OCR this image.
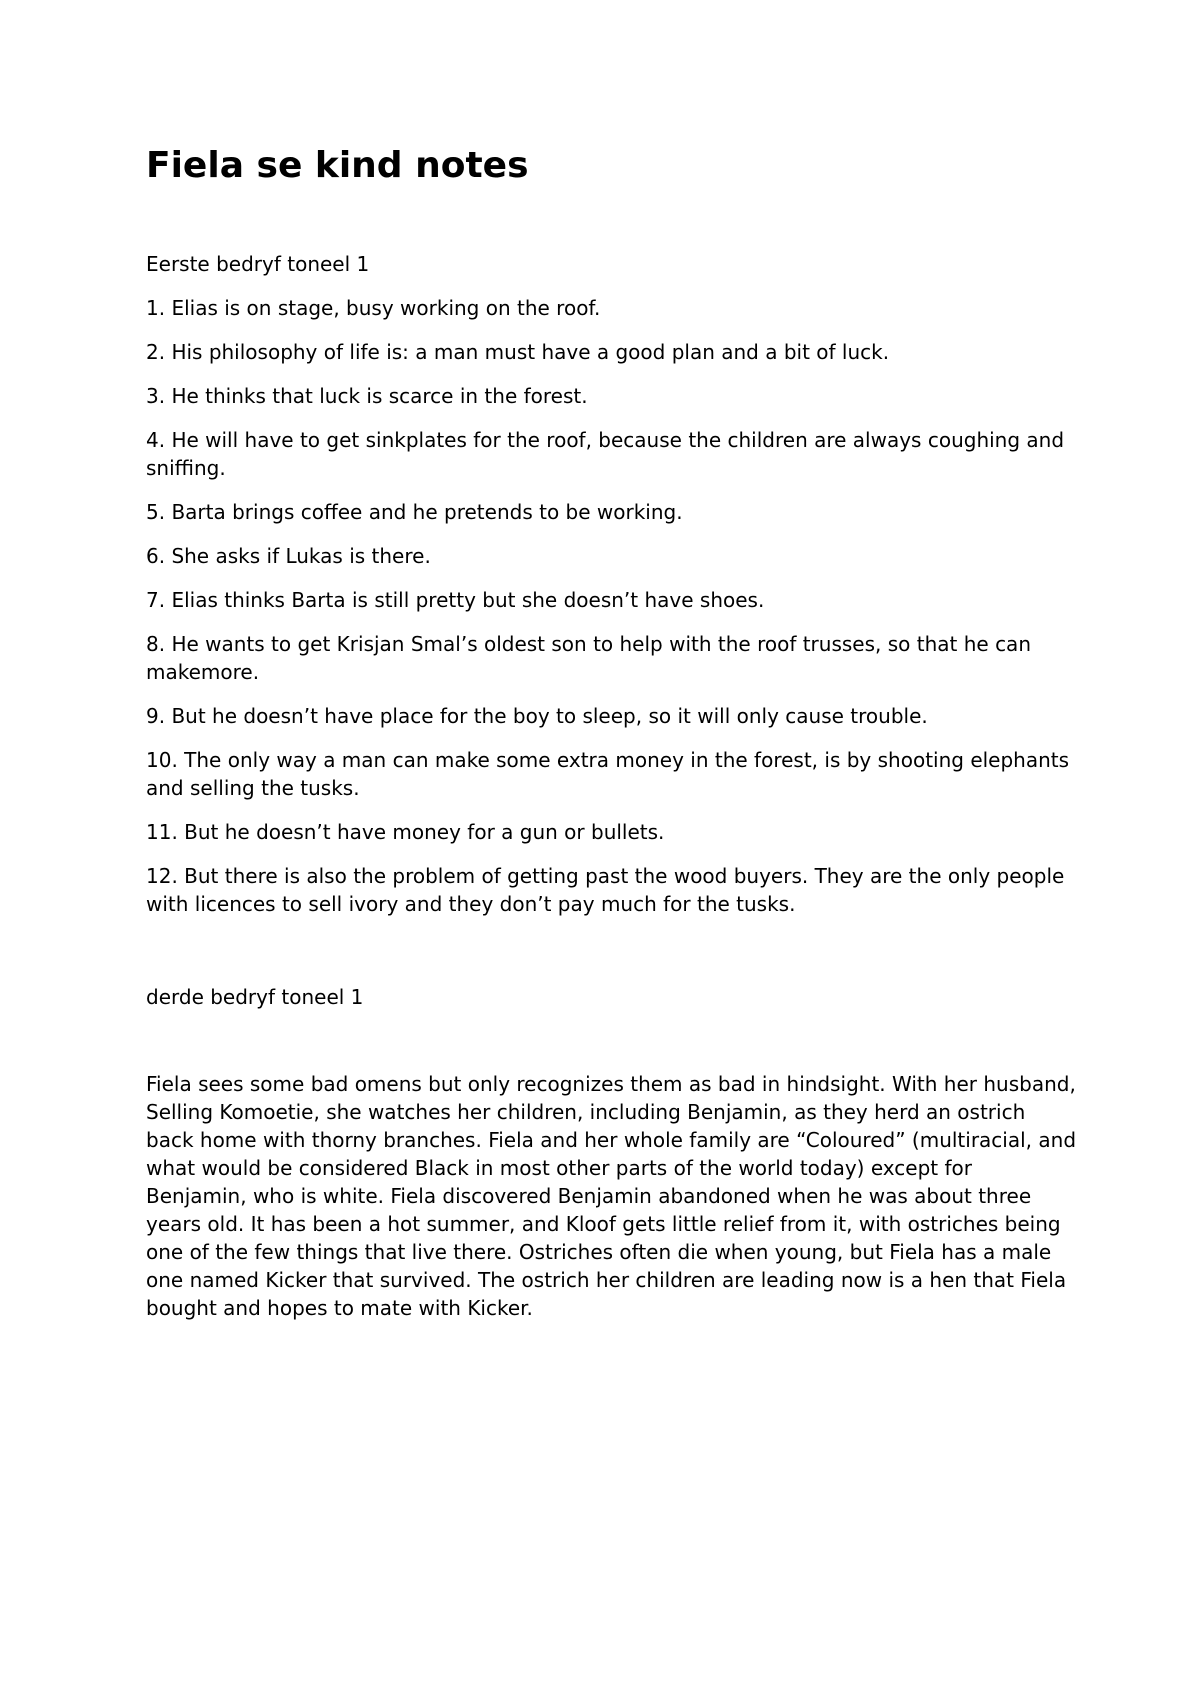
Fiela se kind notes

Eerste bedryf toneel 1

1. Elias is on stage, busy working on the roof.
2. His philosophy of life is: a man must have a good plan and a bit of luck.
3. He thinks that luck is scarce in the forest.
4. He will have to get sinkplates for the roof, because the children are always coughing and sniffing.
5. Barta brings coffee and he pretends to be working.
6. She asks if Lukas is there.
7. Elias thinks Barta is still pretty but she doesn’t have shoes.
8. He wants to get Krisjan Smal’s oldest son to help with the roof trusses, so that he can makemore.
9. But he doesn’t have place for the boy to sleep, so it will only cause trouble.
10. The only way a man can make some extra money in the forest, is by shooting elephants and selling the tusks.
11. But he doesn’t have money for a gun or bullets.
12. But there is also the problem of getting past the wood buyers. They are the only people with licences to sell ivory and they don’t pay much for the tusks.

derde bedryf toneel 1

Fiela sees some bad omens but only recognizes them as bad in hindsight. With her husband, Selling Komoetie, she watches her children, including Benjamin, as they herd an ostrich back home with thorny branches. Fiela and her whole family are “Coloured” (multiracial, and what would be considered Black in most other parts of the world today) except for Benjamin, who is white. Fiela discovered Benjamin abandoned when he was about three years old. It has been a hot summer, and Kloof gets little relief from it, with ostriches being one of the few things that live there. Ostriches often die when young, but Fiela has a male one named Kicker that survived. The ostrich her children are leading now is a hen that Fiela bought and hopes to mate with Kicker.
